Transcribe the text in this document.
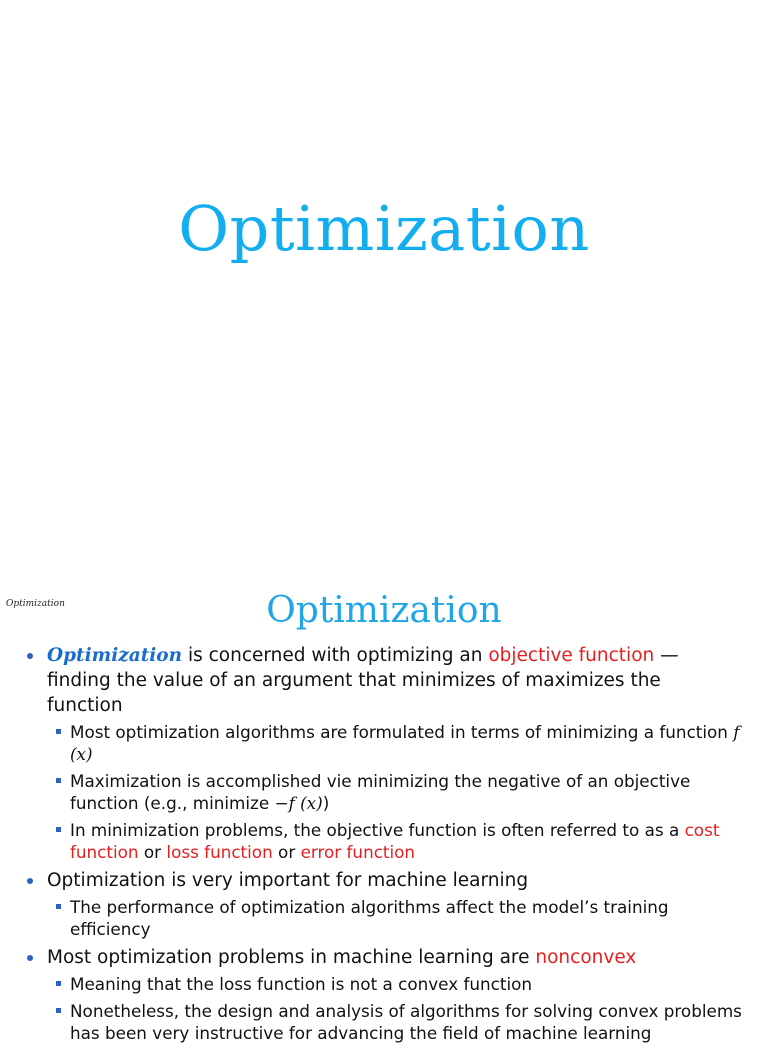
Optimization
Optimization	Optimization
Optimization is concerned with optimizing an objective function — finding the value of an argument that minimizes of maximizes the function
Most optimization algorithms are formulated in terms of minimizing a function f (x)
Maximization is accomplished vie minimizing the negative of an objective function (e.g., minimize −f (x))
In minimization problems, the objective function is often referred to as a cost function or loss function or error function
Optimization is very important for machine learning
The performance of optimization algorithms affect the model’s training efficiency
Most optimization problems in machine learning are nonconvex
Meaning that the loss function is not a convex function
Nonetheless, the design and analysis of algorithms for solving convex problems has been very instructive for advancing the field of machine learning
